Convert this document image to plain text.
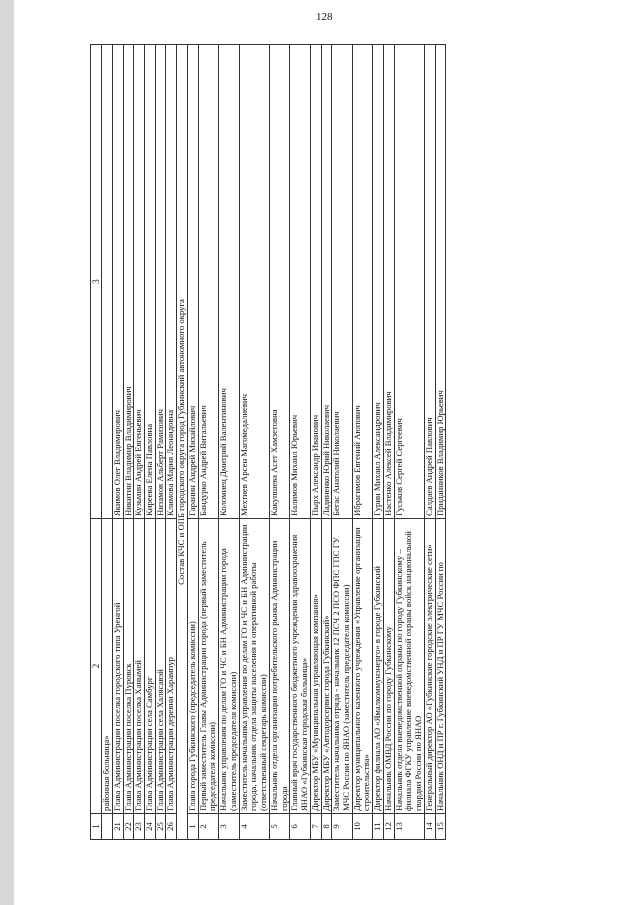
128
1	2	3
	районная больница»	
21	Глава Администрации поселка городского типа Уренгой	Якимов Олег Владимирович
22	Глава Администрации поселка Пуровск	Никитин Владимир Владимирович
23	Глава Администрации поселка Ханымей	Кузьмин Андрей Евгеньевич
24	Глава Администрации села Самбург	Киреева Елена Павловна
25	Глава Администрации села Халясавэй	Низамов Альберт Рамизович
26	Глава Администрации деревни Харампур	Климова Мария Леонидовна
Состав КЧС и ОПБ городского округа город Губкинский автономного округа		
1	Глава города Губкинского (председатель комиссии)	Гаранин Андрей Михайлович
2	Первый заместитель Главы Администрации города (первый заместитель председателя комиссии)	Бандурко Андрей Витальевич
3	Начальник управления по делам ГО и ЧС и БН Администрации города (заместитель председателя комиссии)	Коломиец Дмитрий Валентинович
4	Заместитель начальника управления по делам ГО и ЧС и БН Администрации города, начальник отдела защиты населения и оперативной работы (ответственный секретарь комиссии)	Мехтиев Арсен Магомедалиевич
5	Начальник отдела организации потребительского рынка Администрации города	Какупшева Асет Хамзетовна
6	Главный врач государственного бюджетного учреждения здравоохранения ЯНАО «Губкинская городская больница»	Налимов Михаил Юрьевич
7	Директор МБУ «Муниципальная управляющая компания»	Пырх Александр Иванович
8	Директор МБУ «Автодорсервис города Губкинский»	Ладиненко Юрий Николаевич
9	Заместитель начальника отряда - начальник 12 ПСЧ 2 ПСО ФПС ГПС ГУ МЧС России по ЯНАО (заместитель председателя комиссии)	Бегас Анатолий Николаевич
10	Директор муниципального казенного учреждения «Управление организации строительства»	Ибрагимов Евгений Аюпович
11	Директор филиала АО «Ямалкоммунэнерго» в городе Губкинский	Гурин Михаил Александрович
12	Начальник ОМВД России по городу Губкинскому	Настенко Алексей Владимирович
13	Начальник отдела вневедомственной охраны по городу Губкинскому – филиала ФГКУ управление вневедомственной охраны войск национальной гвардии России по ЯНАО	Гуськов Сергей Сергеевич
14	Генеральный директор АО «Губкинские городские электрические сети»	Салдаев Андрей Павлович
15	Начальник ОНД и ПР г. Губкинский УНД и ПР ГУ МЧС России по	Приданников Владимир Юрьевич
